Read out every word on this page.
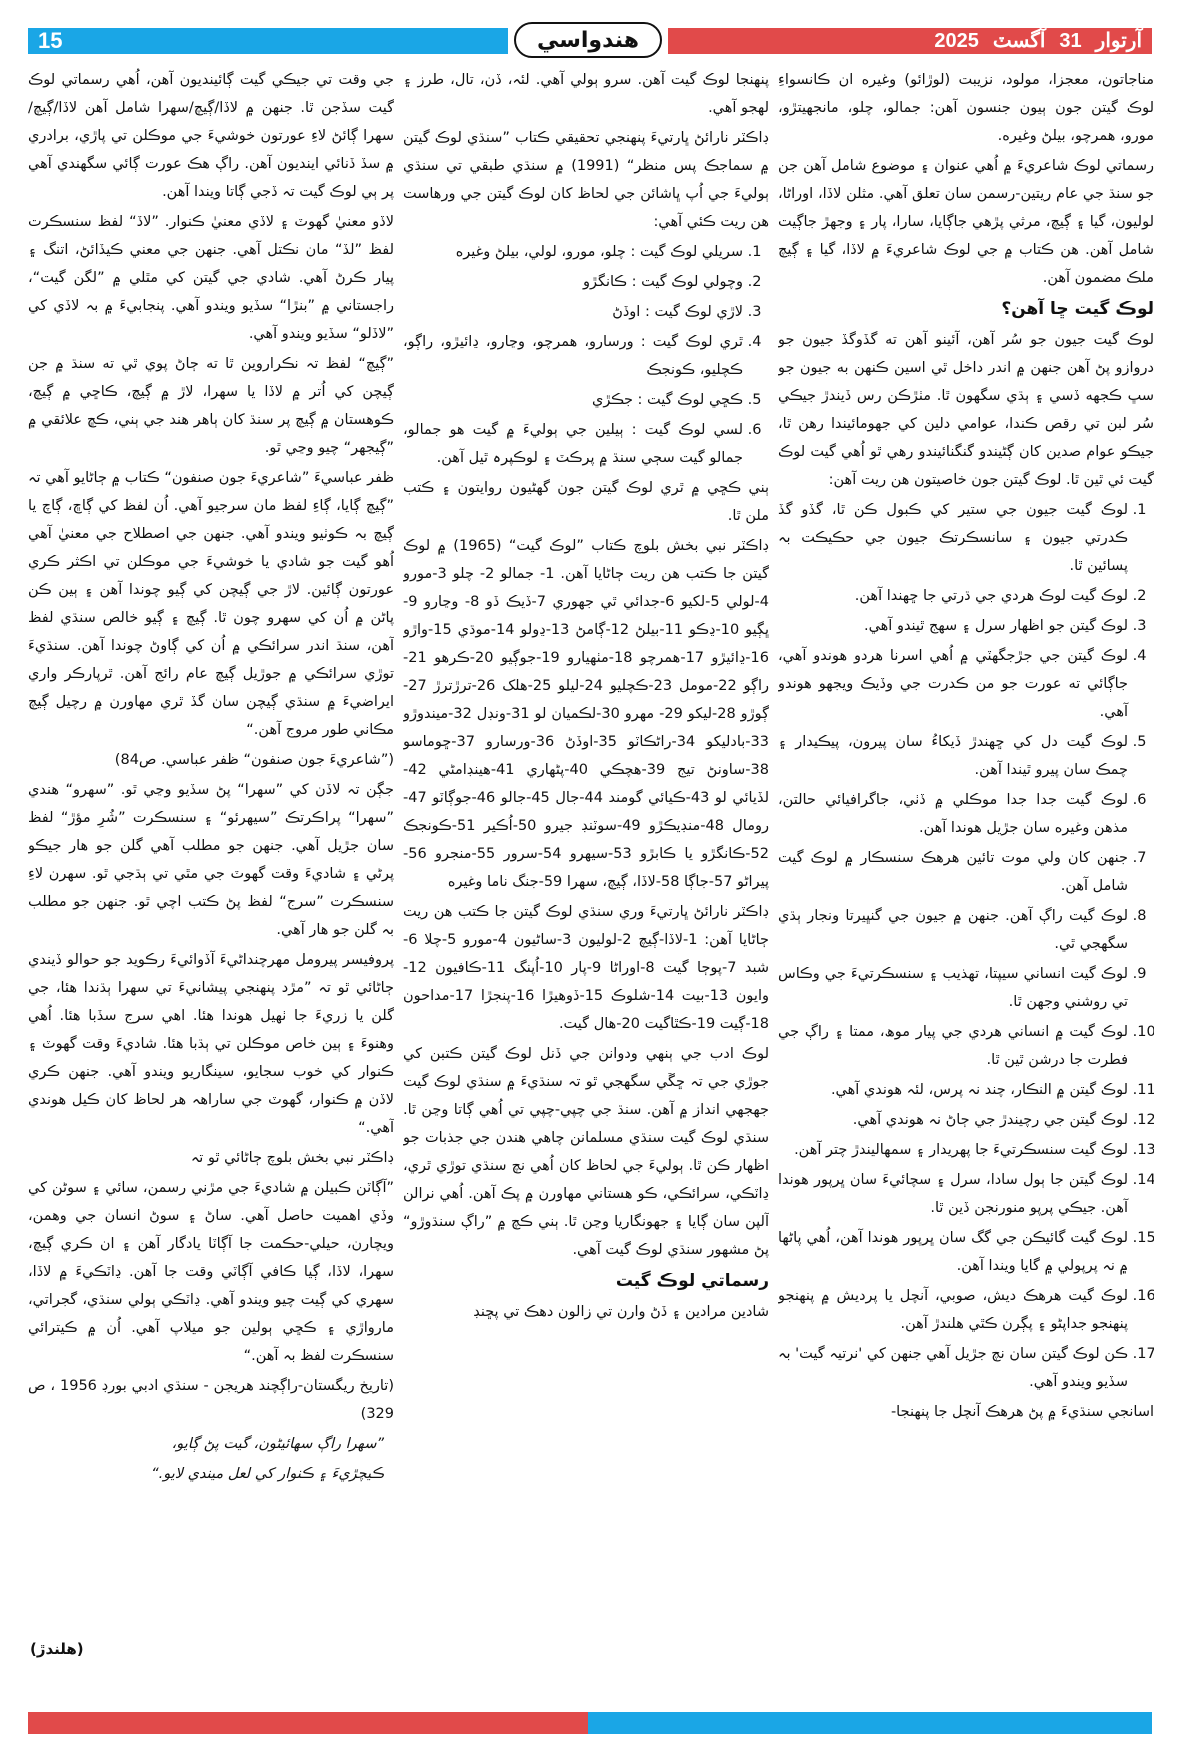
15	هندواسي	آرتوار31آگسٽ2025

مناجاتون، معجزا، مولود، نزيبت (لوڙائو) وغيره ان ڪانسواءِ لوڪ گيتن جون ٻيون جنسون آهن: جمالو، چلو، مانجهيتڙو، مورو، همرچو، بيلڻ وغيره.

رسماتي لوڪ شاعريءَ ۾ اُهي عنوان ۽ موضوع شامل آهن جن جو سنڌ جي عام ريتين-رسمن سان تعلق آهي. مثلن لاڏا، اوراڻا، لوليون، گيا ۽ ڳيچ، مرثي پڙهي جاڳايا، سارا، پار ۽ وجهڙ جاڳيت شامل آهن. هن ڪتاب ۾ جي لوڪ شاعريءَ ۾ لاڏا، گيا ۽ ڳيچ ملڪ مضمون آهن.

لوڪ گيت ڇا آهن؟

لوڪ گيت جيون جو سُر آهن، آئينو آهن ته گڏوگڏ جيون جو دروازو پڻ آهن جنهن ۾ اندر داخل ٿي اسين ڪنهن به جيون جو سڀ ڪجهه ڏسي ۽ ٻڌي سگهون ٿا. مٺڙڪن رس ڏيندڙ جيڪي سُر لبن تي رقص ڪندا، عوامي دلين کي جهومائيندا رهن ٿا، جيڪو عوام صدين کان ڳڻيندو گنگنائيندو رهي ٿو اُهي گيت لوڪ گيت ئي ٿين ٿا. لوڪ گيتن جون خاصيتون هن ريت آهن:

1. لوڪ گيت جيون جي ستير کي ڪبول ڪن ٿا، گڏو گڏ ڪدرتي جيون ۽ سانسڪرتڪ جيون جي حڪيڪت بہ پسائين ٿا.
2. لوڪ گيت لوڪ هردي جي ڌرتي جا ڇهندا آهن.
3. لوڪ گيتن جو اظهار سرل ۽ سهج ٿيندو آهي.
4. لوڪ گيتن جي جڙجگهٽي ۾ اُهي اسرنا هردو هوندو آهي، جاڳائي ته عورت جو من ڪدرت جي وڏيڪ ويجهو هوندو آهي.
5. لوڪ گيت دل کي ڇهندڙ ڏيکاءُ سان پيرون، پيڪيدار ۽ چمڪ سان پيرو ٿيندا آهن.
6. لوڪ گيت جدا جدا موڪلي ۾ ڏٺي، جاگرافيائي حالتن، مذهن وغيره سان جڙيل هوندا آهن.
7. جنهن کان ولي موت تائين هرهڪ سنسڪار ۾ لوڪ گيت شامل آهن.
8. لوڪ گيت راڳ آهن. جنهن ۾ جيون جي گنڀيرتا ونجار ٻڌي سگهجي ٿي.
9. لوڪ گيت انساني سيپتا، تهذيب ۽ سنسڪرتيءَ جي وڪاس تي روشني وجهن ٿا.
10. لوڪ گيت ۾ انساني هردي جي پيار موھ، ممتا ۽ راڳ جي فطرت جا درشن ٿين ٿا.
11. لوڪ گيتن ۾ النڪار، چند نہ پرس، لئہ هوندي آهي.
12. لوڪ گيتن جي رچيندڙ جي ڄاڻ نہ هوندي آهي.
13. لوڪ گيت سنسڪرتيءَ جا پهريدار ۽ سمهاليندڙ چتر آهن.
14. لوڪ گيتن جا ٻول سادا، سرل ۽ سچائيءَ سان ڀرپور هوندا آهن. جيڪي پرپو منورنجن ڏين ٿا.
15. لوڪ گيت گائيڪن جي گگ سان ڀرپور هوندا آهن، اُهي پاڻها ۾ نہ پرپولي ۾ گايا ويندا آهن.
16. لوڪ گيت هرهڪ ديش، صوبي، آنچل يا پرديش ۾ پنهنجو پنهنجو جداپڻو ۽ پڳرن ڪٿي هلندڙ آهن.
17. ڪن لوڪ گيتن سان نچ جڙيل آهي جنهن کي 'نرتيہ گيت' بہ سڏيو ويندو آهي.

اسانجي سنڌيءَ ۾ پڻ هرهڪ آنچل جا پنهنجا-

پنهنجا لوڪ گيت آهن. سرو ٻولي آهي. لئہ، ڏن، تال، طرز ۽ لهجو آهي.

ڊاڪٽر نارائڻ ڀارتيءَ پنهنجي تحقيقي ڪتاب ”سنڌي لوڪ گيتن ۾ سماجڪ پس منظر“ (1991) ۾ سنڌي طبقي تي سنڌي ٻوليءَ جي اُپ ڀاشائن جي لحاظ کان لوڪ گيتن جي ورهاست هن ريت ڪئي آهي:

1. سريلي لوڪ گيت : چلو، مورو، لولي، بيلڻ وغيره
2. وچولي لوڪ گيت : ڪانگڙو
3. لاڙي لوڪ گيت : اوڏڻ
4. ٿري لوڪ گيت : ورسارو، همرچو، وڃارو، ڍائيڙو، راڳو، ڪچليو، ڪونجڪ
5. ڪڇي لوڪ گيت : جڪڙي
6. لسي لوڪ گيت : ٻيلين جي ٻوليءَ ۾ گيت هو جمالو، جمالو گيت سڄي سنڌ ۾ پرڪٽ ۽ لوڪپرہ ٿيل آهن.

ٻني ڪڇي ۾ ٿري لوڪ گيتن جون گهڻيون روايتون ۽ ڪتب ملن ٿا.

ڊاڪٽر نبي بخش بلوچ ڪتاب ”لوڪ گيت“ (1965) ۾ لوڪ گيتن جا ڪتب هن ريت ڄاڻايا آهن. 1- جمالو 2- چلو 3-مورو 4-لولي 5-لکيو 6-جدائي ٿي جهوري 7-ڏيڪ ڏو 8- وڃارو 9-ڀڳيو 10-ڍڪو 11-بيلڻ 12-ڳامڻ 13-ڍولو 14-موڌي 15-واڙو 16-ڍائيڙو 17-همرچو 18-مٺهيارو 19-جوڳيو 20-ڪرهو 21-راڳو 22-مومل 23-ڪچليو 24-ليلو 25-هلک 26-ترڙترڙ 27-ڳوڙو 28-ليکو 29- مهرو 30-لڪميان لو 31-ونڊل 32-ميندوڙو 33-بادليکو 34-راڻڪاٽو 35-اوڏڻ 36-ورسارو 37-ڇوماسو 38-ساونڻ تيج 39-هچڪي 40-پڻهاري 41-هينڊامڻي 42-لڏيائي لو 43-ڪيائي گومند 44-جال 45-جالو 46-جوڳاٽو 47-رومال 48-منڊيڪڙو 49-سوٽنڊ جيرو 50-اُڪير 51-ڪونجڪ 52-ڪانگڙو يا ڪابڙو 53-سيهرو 54-سرور 55-منجرو 56-پيراڻو 57-جاڳا 58-لاڏا، ڳيچ، سهرا 59-جنگ ناما وغيره

ڊاڪٽر نارائڻ ڀارتيءَ وري سنڌي لوڪ گيتن جا ڪتب هن ريت ڄاڻايا آهن: 1-لاڏا-ڳيچ 2-لوليون 3-ساڻيون 4-مورو 5-چلا 6-شبد 7-پوڄا گيت 8-اوراڻا 9-پار 10-اُپنگ 11-ڪافيون 12-وايون 13-بيت 14-شلوڪ 15-ڏوهيڙا 16-پنجڙا 17-مداحون 18-ڳيت 19-ڪٿاگيت 20-هال گيت.

لوڪ ادب جي ٻنهي ودوانن جي ڏنل لوڪ گيتن ڪتبن کي جوڙي جي تہ ڇڱي سگهجي ٿو تہ سنڌيءَ ۾ سنڌي لوڪ گيت جهجهي انداز ۾ آهن. سنڌ جي چپي-چپي تي اُهي ڳاتا وڃن ٿا. سنڌي لوڪ گيت سنڌي مسلمانن چاهي هندن جي جذبات جو اظهار ڪن ٿا. ٻوليءَ جي لحاظ کان اُهي نچ سنڌي توڙي ٿري، ڍاٽڪي، سرائڪي، ڪو هستاني مهاورن ۾ پڪ آهن. اُهي نرالن آلپن سان ڳايا ۽ جهونگاريا وڃن ٿا. ٻني ڪچ ۾ ”راڳ سنڌوڙو“ پڻ مشهور سنڌي لوڪ گيت آهي.

رسماتي لوڪ گيت

شادين مرادين ۽ ڏڻ وارن تي زالون دهڪ تي پڇنڊ

جي وقت تي جيڪي گيت ڳائينديون آهن، اُهي رسماتي لوڪ گيت سڏجن ٿا. جنهن ۾ لاڏا/ڳيچ/سهرا شامل آهن لاڏا/ڳيچ/سهرا ڳائڻ لاءِ عورتون خوشيءَ جي موڪلن تي پاڙي، برادري ۾ سڏ ڏنائي اينديون آهن. راڳ هڪ عورت ڳائي سگهندي آهي پر ٻي لوڪ گيت تہ ڏجي ڳاتا ويندا آهن.

لاڏو معنيٰ گهوٽ ۽ لاڏي معنيٰ ڪنوار. ”لاڏ“ لفظ سنسڪرت لفظ ”لڏ“ مان نڪتل آهي. جنهن جي معني ڪيڏائڻ، اتنگ ۽ پيار ڪرڻ آهي. شادي جي گيتن کي مٿلي ۾ ”لگن گيت“، راجستاني ۾ ”بنڙا“ سڏيو ويندو آهي. پنجابيءَ ۾ بہ لاڏي کي ”لاڏلو“ سڏيو ويندو آهي.

”ڳيچ“ لفظ تہ نڪراروين ٿا ته ڄاڻ پوي ٿي ته سنڌ ۾ جن ڳيچن کي اُتر ۾ لاڏا يا سهرا، لاڙ ۾ ڳيچ، ڪاڇي ۾ ڳيچ، ڪوهستان ۾ ڳيچ پر سنڌ کان ٻاهر هند جي ٻني، ڪڇ علائقي ۾ ”ڳيجهر“ چيو وڃي ٿو.

ظفر عباسيءَ ”شاعريءَ جون صنفون“ ڪتاب ۾ ڄاڻايو آهي تہ ”ڳيچ ڳايا، ڳاءِ لفظ مان سرجيو آهي. اُن لفظ کي ڳاڇ، ڳاچ يا ڳيچ بہ ڪوٺيو ويندو آهي. جنهن جي اصطلاح جي معنيٰ آهي اُهو گيت جو شادي يا خوشيءَ جي موڪلن تي اڪثر ڪري عورتون ڳائين. لاڙ جي ڳيچن کي ڳيو چوندا آهن ۽ ٻين ڪن پاڻن ۾ اُن کي سهرو چون ٿا. ڳيچ ۽ ڳيو خالص سنڌي لفظ آهن، سنڌ اندر سرائڪي ۾ اُن کي ڳاوڻ چوندا آهن. سنڌيءَ توڙي سرائڪي ۾ جوڙيل ڳيچ عام رائج آهن. ٿرپارڪر واري ايراضيءَ ۾ سنڌي ڳيچن سان گڏ ٿري مهاورن ۾ رچيل ڳيچ مڪاني طور مروج آهن.“

(”شاعريءَ جون صنفون“ ظفر عباسي. ص84)

جڳن تہ لاڏن کي ”سهرا“ پڻ سڏيو وڃي ٿو. ”سهرو“ هندي ”سهرا“ پراڪرتڪ ”سيهرئو“ ۽ سنسڪرت ”شُرِ مؤڙ“ لفظ سان جڙيل آهي. جنهن جو مطلب آهي گلن جو هار جيڪو پرڻي ۽ شاديءَ وقت گهوٽ جي مٿي تي ٻڌجي ٿو. سهرن لاءِ سنسڪرت ”سرج“ لفظ پڻ ڪتب اچي ٿو. جنهن جو مطلب بہ گلن جو هار آهي.

پروفيسر پيرومل مهرچنداڻيءَ آڏوائيءَ رڪويد جو حوالو ڏيندي ڄاڻائي ٿو تہ ”مڙد پنهنجي پيشانيءَ تي سهرا ٻڌندا هئا، جي گلن يا زريءَ جا ٺهيل هوندا هئا. اهي سرج سڏبا هئا. اُهي وهنوءَ ۽ ٻين خاص موڪلن تي ٻڌبا هئا. شاديءَ وقت گهوٽ ۽ ڪنوار کي خوب سجايو، سينگاريو ويندو آهي. جنهن ڪري لاڏن ۾ ڪنوار، گهوٽ جي ساراهہ هر لحاظ کان ڪيل هوندي آهي.“

ڊاڪٽر نبي بخش بلوچ ڄاڻائي ٿو تہ

”آڳاٽن ڪبيلن ۾ شاديءَ جي مڙني رسمن، سائي ۽ سوڻن کي وڏي اهميت حاصل آهي. ساڻ ۽ سوڻ انسان جي وهمن، ويچارن، حيلي-حڪمت جا آڳاٽا يادگار آهن ۽ ان ڪري ڳيچ، سهرا، لاڏا، ڳيا ڪافي آڳاٽي وقت جا آهن. ڍاٽڪيءَ ۾ لاڏا، سهري کي ڳيت چيو ويندو آهي. ڍاٽڪي ٻولي سنڌي، گجراتي، مارواڙي ۽ ڪڇي ٻولين جو ميلاپ آهي. اُن ۾ ڪيترائي سنسڪرت لفظ بہ آهن.“

(تاريخ ريگستان-راڳچند هريجن - سنڌي ادبي بورڊ 1956 ، ص 329)

”سهرا راڳ سهائيڻون، گيت پڻ ڳايو،

ڪيچڙيءَ ۽ ڪنوار کي لعل ميندي لايو.“

(هلندڙ)
